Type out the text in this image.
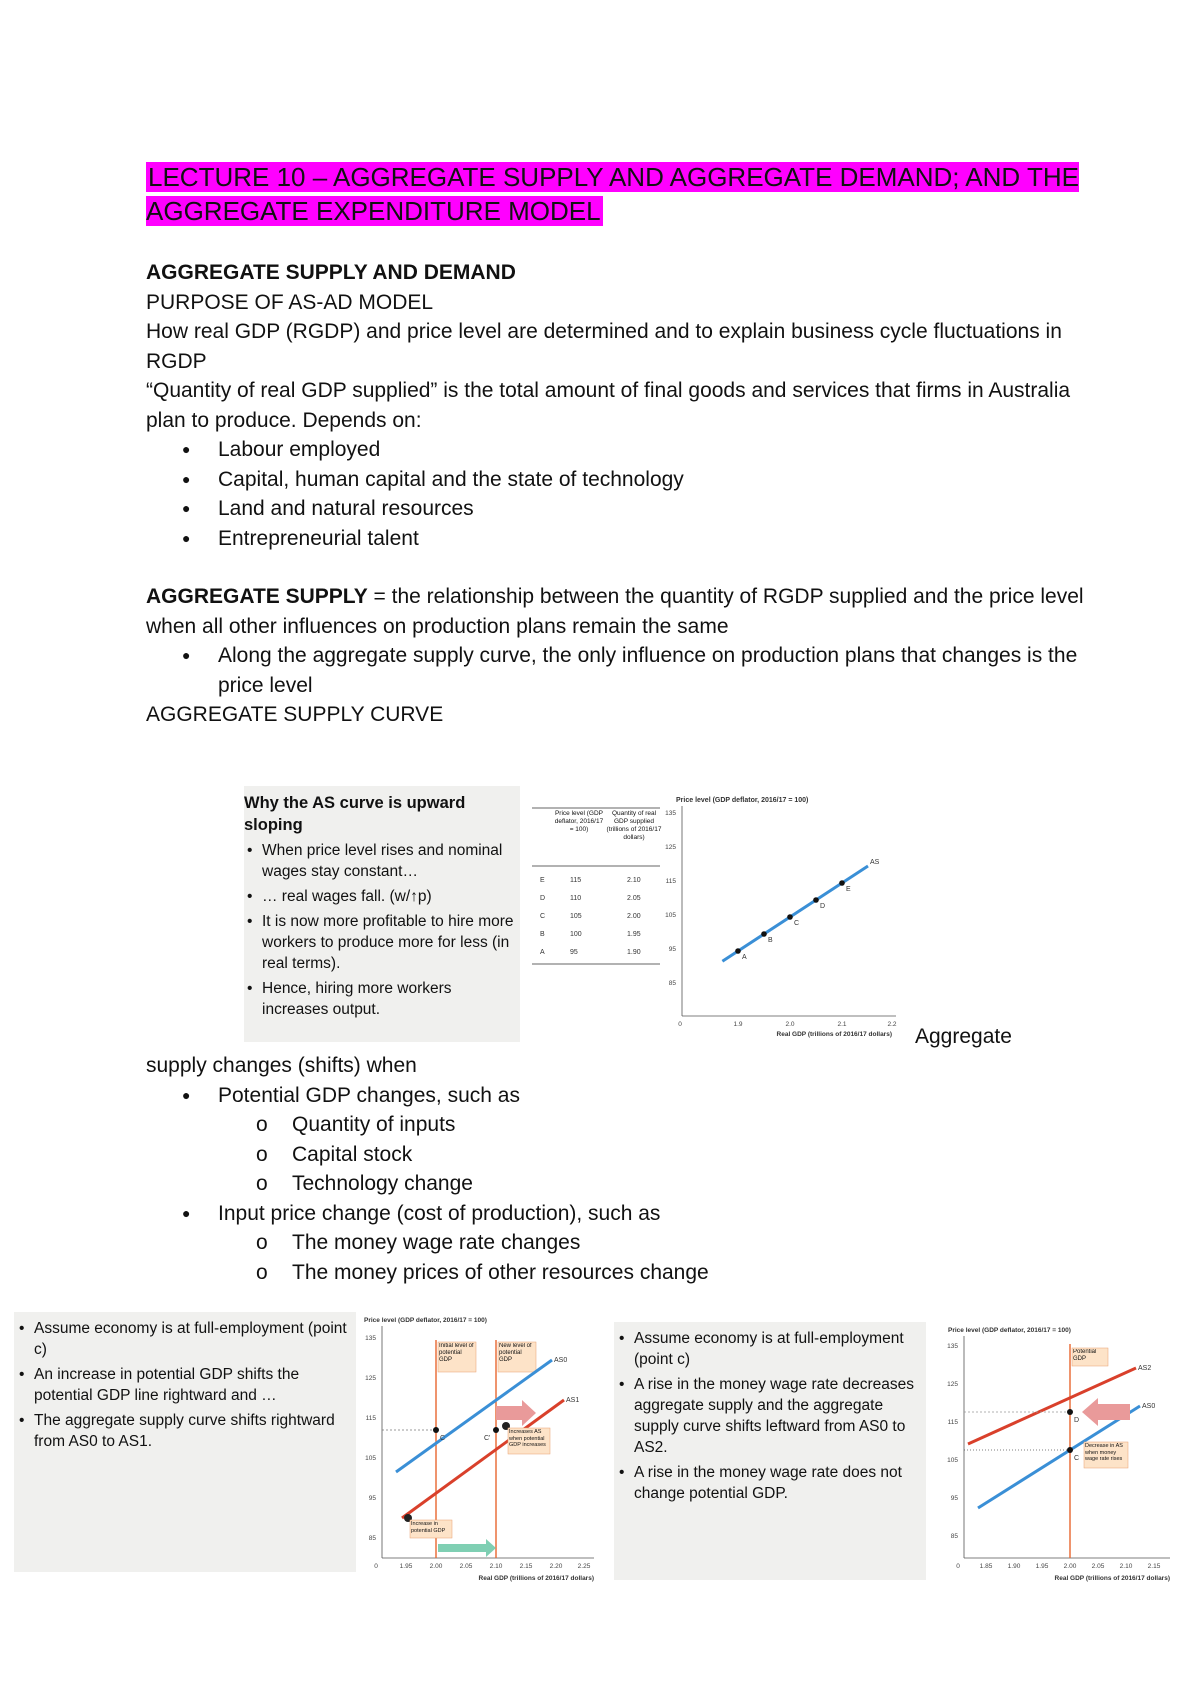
LECTURE 10 – AGGREGATE SUPPLY AND AGGREGATE DEMAND; AND THE AGGREGATE EXPENDITURE MODEL

AGGREGATE SUPPLY AND DEMAND

PURPOSE OF AS-AD MODEL

How real GDP (RGDP) and price level are determined and to explain business cycle fluctuations in RGDP

“Quantity of real GDP supplied” is the total amount of final goods and services that firms in Australia plan to produce. Depends on:

● Labour employed
● Capital, human capital and the state of technology
● Land and natural resources
● Entrepreneurial talent

AGGREGATE SUPPLY = the relationship between the quantity of RGDP supplied and the price level when all other influences on production plans remain the same

● Along the aggregate supply curve, the only influence on production plans that changes is the price level

AGGREGATE SUPPLY CURVE

Why the AS curve is upward sloping
• When price level rises and nominal wages stay constant…
• … real wages fall. (w/↑p)
• It is now more profitable to hire more workers to produce more for less (in real terms).
• Hence, hiring more workers increases output.
Price level (GDP deflator, 2016/17 = 100)
Quantity of real GDP supplied (trillions of 2016/17 dollars)
E	115	2.10
D	110	2.05
C	105	2.00
B	100	1.95
A	95	1.90
Price level (GDP deflator, 2016/17 = 100)
135
125
115
105
95
85
0	1.9	2.0	2.1	2.2
Real GDP (trillions of 2016/17 dollars)
AS
A
B
C
D
E
Aggregate

supply changes (shifts) when

● Potential GDP changes, such as
o Quantity of inputs
o Capital stock
o Technology change
● Input price change (cost of production), such as
o The money wage rate changes
o The money prices of other resources change
• Assume economy is at full-employment (point c)
• An increase in potential GDP shifts the potential GDP line rightward and …
• The aggregate supply curve shifts rightward from AS0 to AS1.
Price level (GDP deflator, 2016/17 = 100)
135
125
115
105
95
85
0	1.95	2.00	2.05	2.10	2.15	2.20 2.25
Real GDP (trillions of 2016/17 dollars)
Initial level of potential GDP
New level of potential GDP	AS0
AS1
C	C'
Increases AS when potential GDP increases
Increase in potential GDP
• Assume economy is at full-employment (point c)
• A rise in the money wage rate decreases aggregate supply and the aggregate supply curve shifts leftward from AS0 to AS2.
• A rise in the money wage rate does not change potential GDP.
Price level (GDP deflator, 2016/17 = 100)
135
125
115
105
95
85
0	1.85 1.90 1.95 2.00 2.05 2.10 2.15
Real GDP (trillions of 2016/17 dollars)
Potential GDP
AS2
AS0
D
C
Decrease in AS when money wage rate rises
